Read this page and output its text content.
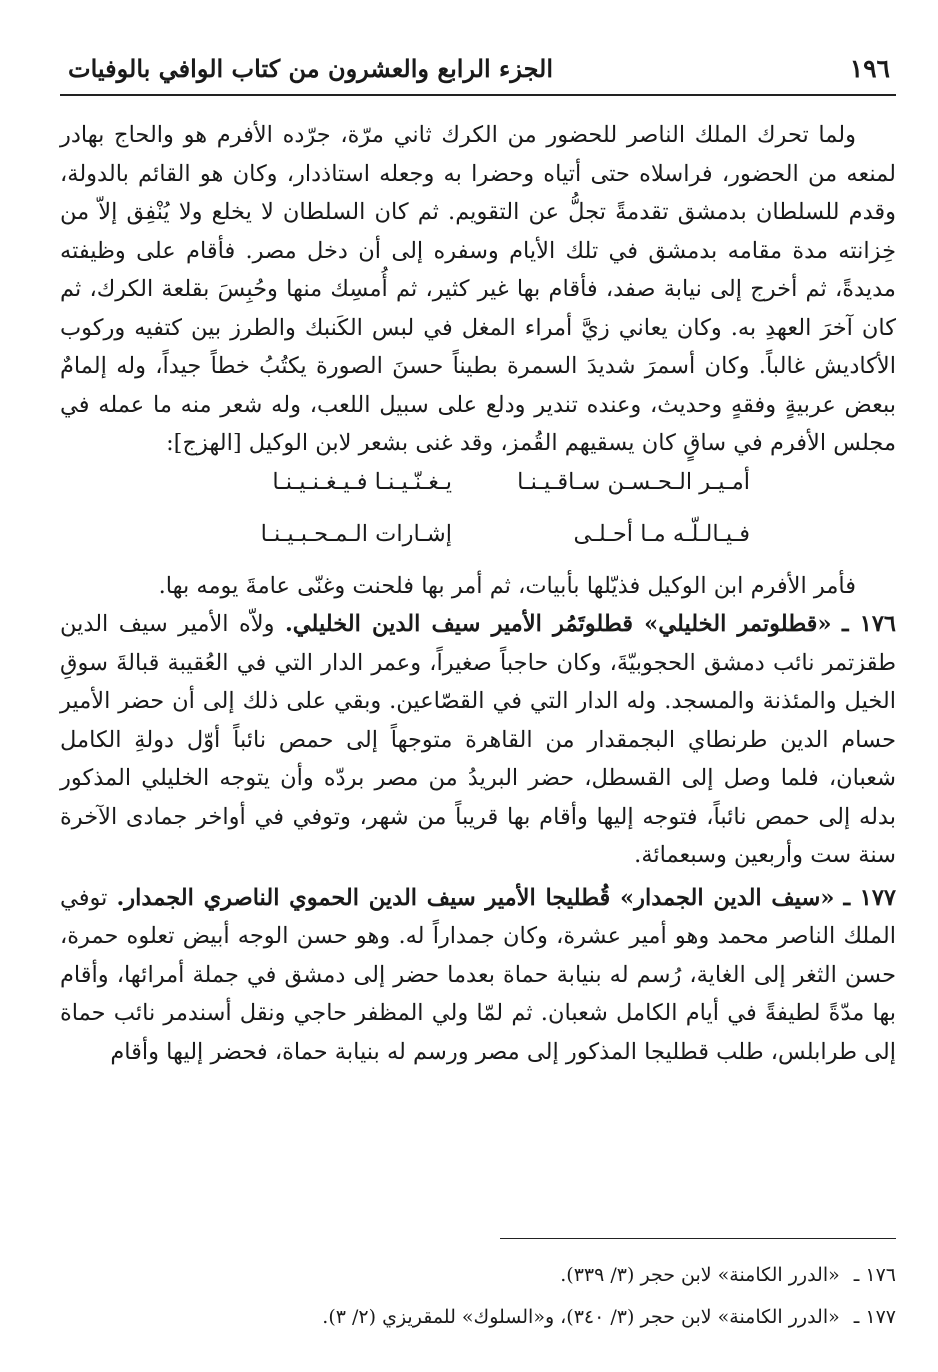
١٩٦
الجزء الرابع والعشرون من كتاب الوافي بالوفيات

ولما تحرك الملك الناصر للحضور من الكرك ثاني مرّة، جرّده الأفرم هو والحاج بهادر لمنعه من الحضور، فراسلاه حتى أتياه وحضرا به وجعله استاذدار، وكان هو القائم بالدولة، وقدم للسلطان بدمشق تقدمةً تجلُّ عن التقويم. ثم كان السلطان لا يخلع ولا يُنْفِق إلاّ من خِزانته مدة مقامه بدمشق في تلك الأيام وسفره إلى أن دخل مصر. فأقام على وظيفته مديدةً، ثم أخرج إلى نيابة صفد، فأقام بها غير كثير، ثم أُمسِك منها وحُبِسَ بقلعة الكرك، ثم كان آخرَ العهدِ به. وكان يعاني زيَّ أمراء المغل في لبس الكَنبك والطرز بين كتفيه وركوب الأكاديش غالباً. وكان أسمرَ شديدَ السمرة بطيناً حسنَ الصورة يكتُبُ خطاً جيداً، وله إلمامٌ ببعض عربيةٍ وفقهٍ وحديث، وعنده تندير ودلع على سبيل اللعب، وله شعر منه ما عمله في مجلس الأفرم في ساقٍ كان يسقيهم القُمز، وقد غنى بشعر لابن الوكيل [الهزج]:

فأمر الأفرم ابن الوكيل فذيّلها بأبيات، ثم أمر بها فلحنت وغنّى عامةَ يومه بها.

١٧٦ ـ «قطلوتمر الخليلي» قطلوتَمُر الأمير سيف الدين الخليلي. ولاّه الأمير سيف الدين طقزتمر نائب دمشق الحجوبيّةَ، وكان حاجباً صغيراً، وعمر الدار التي في العُقيبة قبالةَ سوقِ الخيل والمئذنة والمسجد. وله الدار التي في القصّاعين. وبقي على ذلك إلى أن حضر الأمير حسام الدين طرنطاي البجمقدار من القاهرة متوجهاً إلى حمص نائباً أوّل دولةِ الكامل شعبان، فلما وصل إلى القسطل، حضر البريدُ من مصر بردّه وأن يتوجه الخليلي المذكور بدله إلى حمص نائباً، فتوجه إليها وأقام بها قريباً من شهر، وتوفي في أواخر جمادى الآخرة سنة ست وأربعين وسبعمائة.

١٧٧ ـ «سيف الدين الجمدار» قُطليجا الأمير سيف الدين الحموي الناصري الجمدار. توفي الملك الناصر محمد وهو أمير عشرة، وكان جمداراً له. وهو حسن الوجه أبيض تعلوه حمرة، حسن الثغر إلى الغاية، رُسم له بنيابة حماة بعدما حضر إلى دمشق في جملة أمرائها، وأقام بها مدّةً لطيفةً في أيام الكامل شعبان. ثم لمّا ولي المظفر حاجي ونقل أسندمر نائب حماة إلى طرابلس، طلب قطليجا المذكور إلى مصر ورسم له بنيابة حماة، فحضر إليها وأقام

أمـيـر الـحـسـن سـاقـيـنـا
يـغـنّـيـنـا فـيـغـنـيـنـا
فـيـالـلّـه مـا أحـلـى
إشـارات الـمـحـبـيـنـا

١٧٦ ـ«الدرر الكامنة» لابن حجر (٣/ ٣٣٩).

١٧٧ ـ«الدرر الكامنة» لابن حجر (٣/ ٣٤٠)، و«السلوك» للمقريزي (٢/ ٣).
